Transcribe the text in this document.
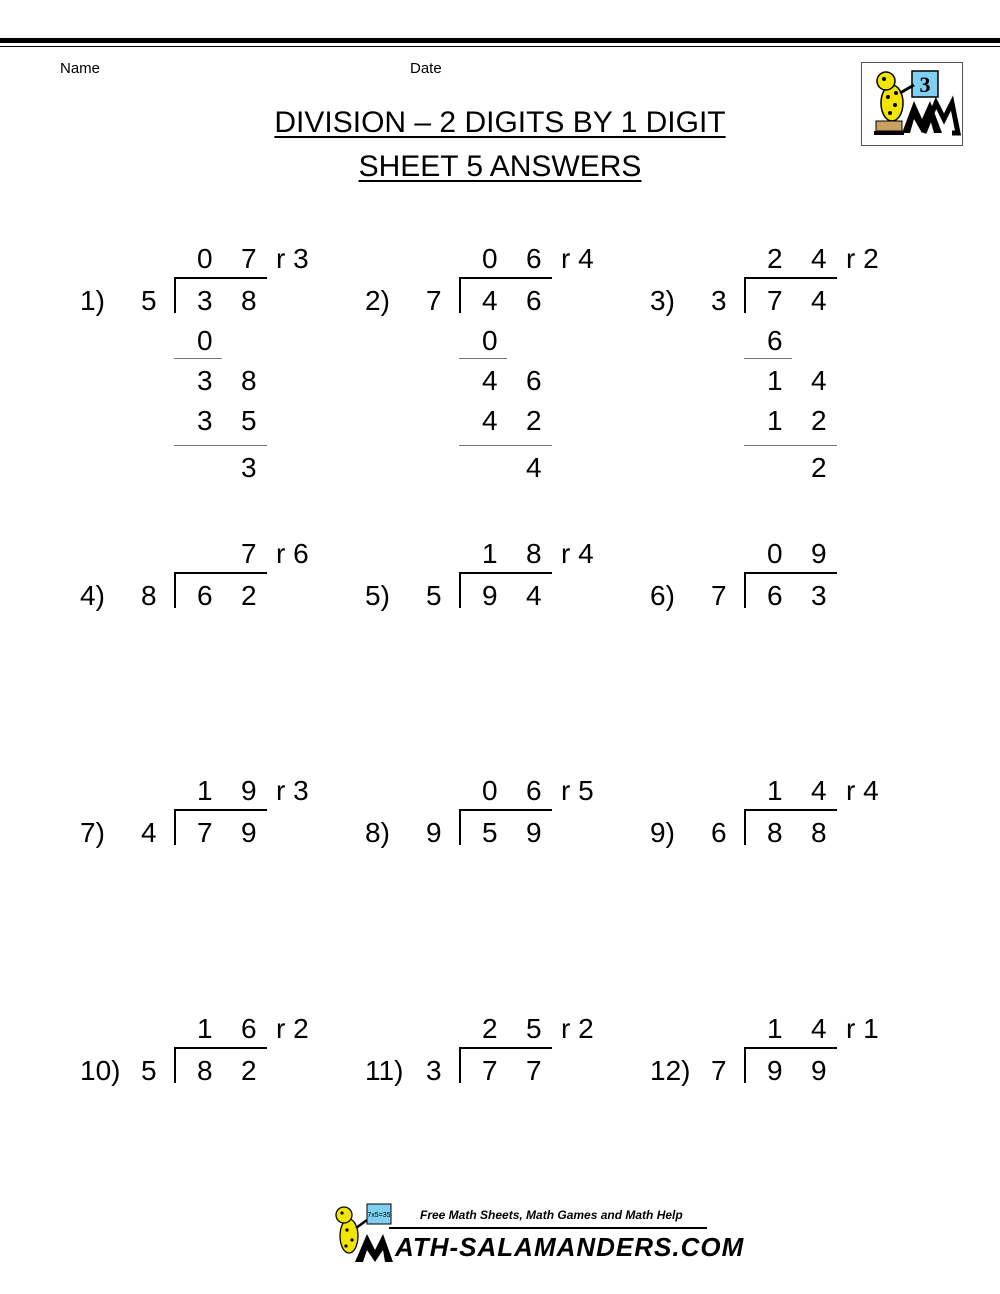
Name	Date
DIVISION – 2 DIGITS BY 1 DIGIT
SHEET 5 ANSWERS
3
0 7 r 3
1) 5 3 8
0
3 8
3 5
3
0 6 r 4
2) 7 4 6
0
4 6
4 2
4
2 4 r 2
3) 3 7 4
6
1 4
1 2
2
7 r 6
4) 8 6 2
1 8 r 4
5) 5 9 4
0 9
6) 7 6 3
1 9 r 3
7) 4 7 9
0 6 r 5
8) 9 5 9
1 4 r 4
9) 6 8 8
1 6 r 2
10) 5 8 2
2 5 r 2
11) 3 7 7
1 4 r 1
12) 7 9 9
7x5=35 Free Math Sheets, Math Games and Math Help
ATH-SALAMANDERS.COM
